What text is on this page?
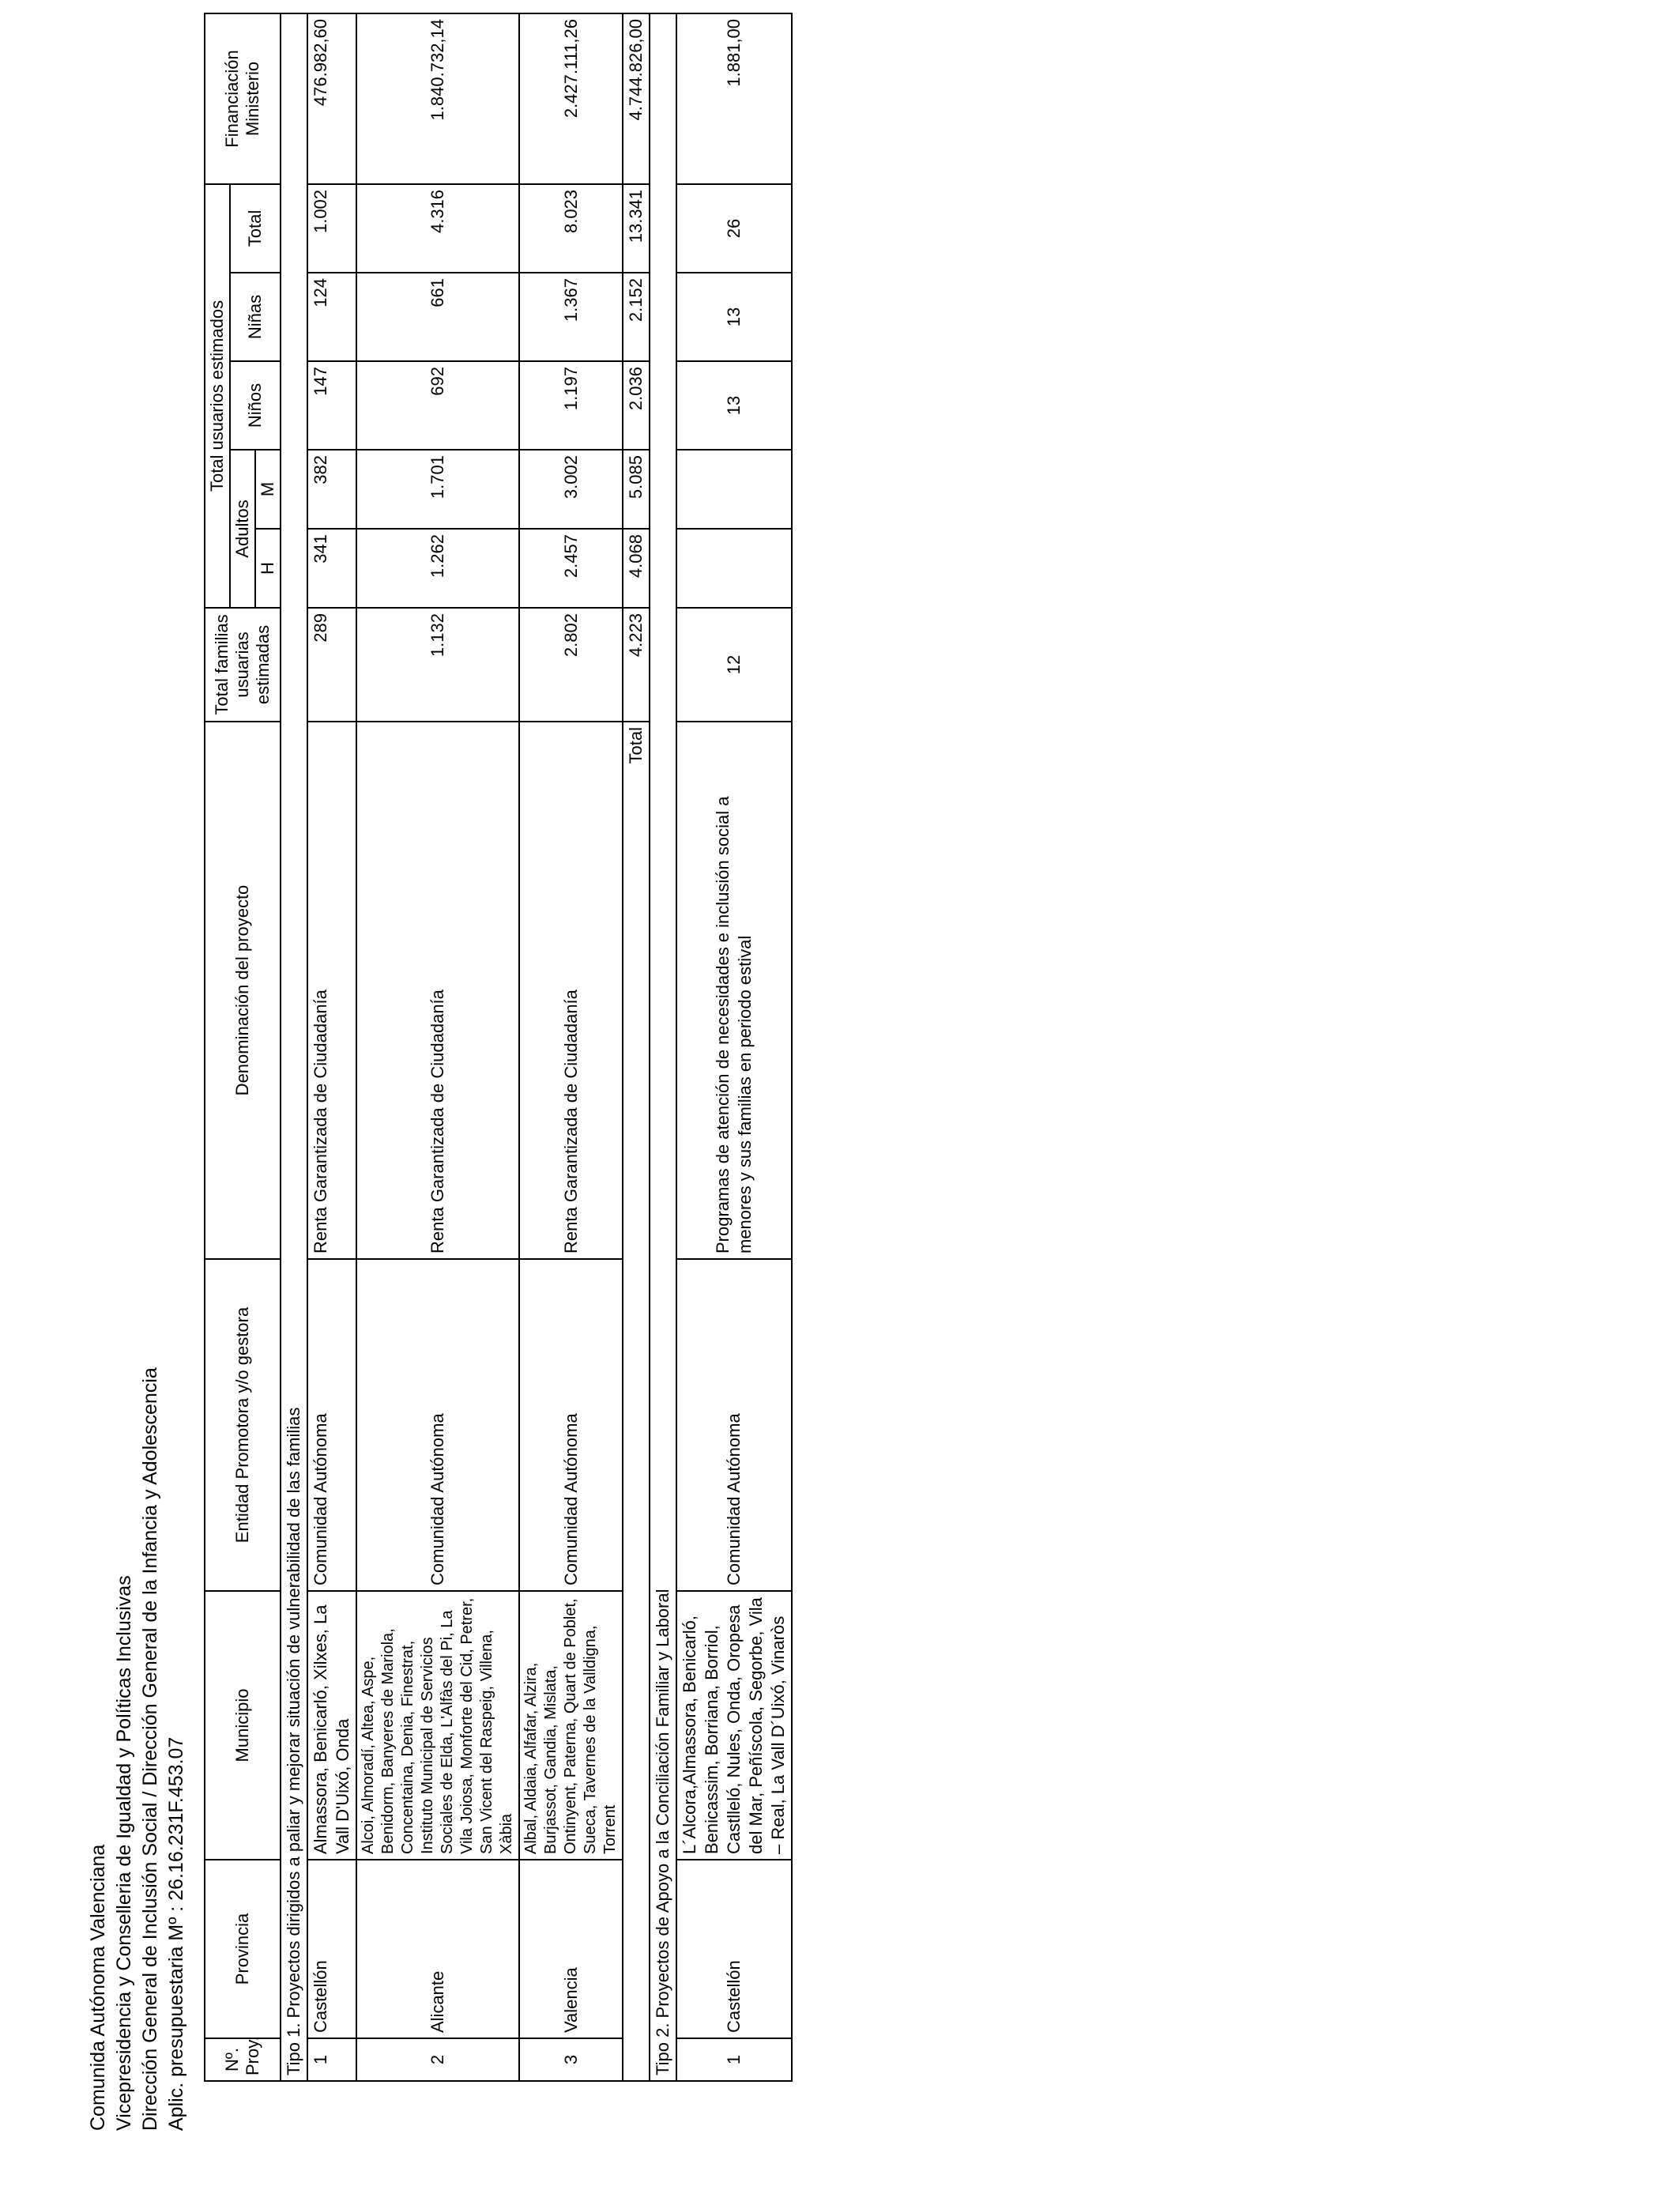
Comunida Autónoma Valenciana Vicepresidencia y Conselleria de Igualdad y Políticas Inclusivas Dirección General de Inclusión Social / Dirección General de la Infancia y Adolescencia Aplic. presupuestaria Mº : 26.16.231F.453.07 Nº. Proy.	Provincia	Municipio	Entidad Promotora y/o gestora	Denominación del proyecto	Total familias usuarias estimadas	Total usuarios estimados					Financiación Ministerio
						Adultos		Niños	Niñas	Total	
						H	M				
Tipo 1. Proyectos dirigidos a paliar y mejorar situación de vulnerabilidad de las familias											
1	Castellón	Almassora, Benicarló, Xilxes, La Vall D'Uixó, Onda	Comunidad Autónoma	Renta Garantizada de Ciudadanía	289	341	382	147	124	1.002	476.982,60
2	Alicante	Alcoi, Almoradí, Altea, Aspe, Benidorm, Banyeres de Mariola, Concentaina, Denia, Finestrat, Instituto Municipal de Servicios Sociales de Elda, L'Alfàs del Pi, La Vila Joiosa, Monforte del Cid, Petrer, San Vicent del Raspeig, Villena, Xàbia	Comunidad Autónoma	Renta Garantizada de Ciudadanía	1.132	1.262	1.701	692	661	4.316	1.840.732,14
3	Valencia	Albal, Aldaia, Alfafar, Alzira, Burjassot, Gandia, Mislata, Ontinyent, Paterna, Quart de Poblet, Sueca, Tavernes de la Valldigna, Torrent	Comunidad Autónoma	Renta Garantizada de Ciudadanía	2.802	2.457	3.002	1.197	1.367	8.023	2.427.111,26
Total					4.223	4.068	5.085	2.036	2.152	13.341	4.744.826,00
Tipo 2. Proyectos de Apoyo a la Conciliación Familiar y Laboral											
1	Castellón	L´Alcora,Almassora, Benicarló, Benicassim, Borriana, Borriol, Castlleló, Nules, Onda, Oropesa del Mar, Peñíscola, Segorbe, Vila – Real, La Vall D´Uixó, Vinaròs	Comunidad Autónoma	Programas de atención de necesidades e inclusión social a menores y sus familias en periodo estival	12			13	13	26	1.881,00
